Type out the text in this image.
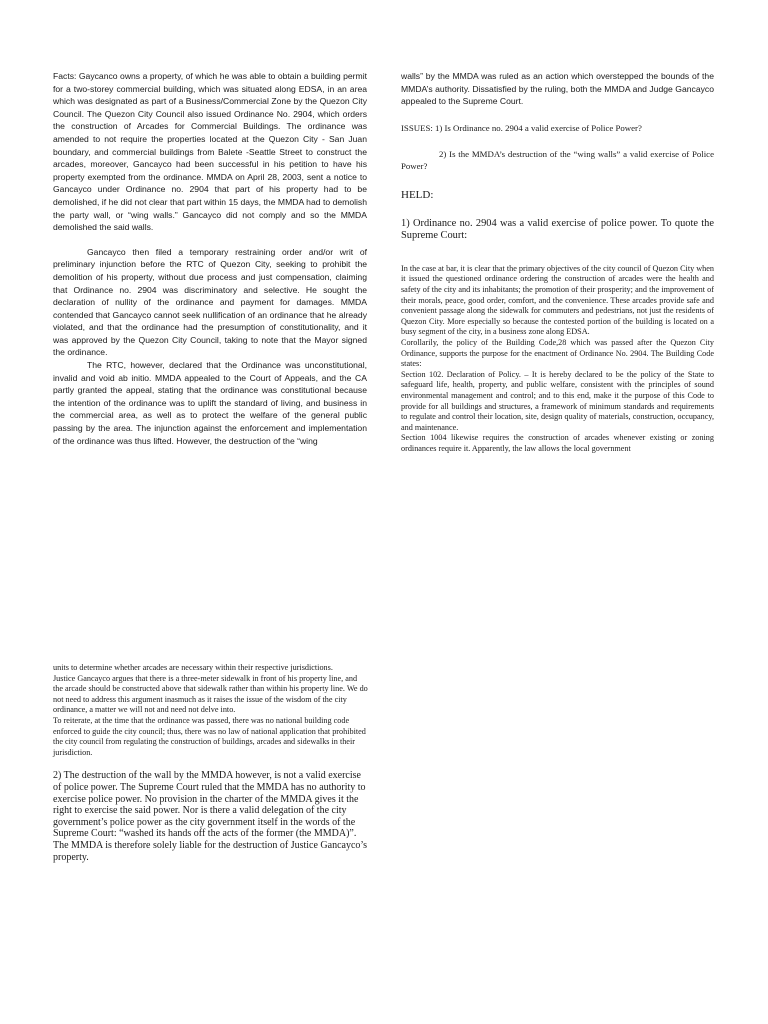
Facts: Gaycanco owns a property, of which he was able to obtain a building permit for a two-storey commercial building, which was situated along EDSA, in an area which was designated as part of a Business/Commercial Zone by the Quezon City Council. The Quezon City Council also issued Ordinance No. 2904, which orders the construction of Arcades for Commercial Buildings. The ordinance was amended to not require the properties located at the Quezon City - San Juan boundary, and commercial buildings from Balete -Seattle Street to construct the arcades, moreover, Gancayco had been successful in his petition to have his property exempted from the ordinance. MMDA on April 28, 2003, sent a notice to Gancayco under Ordinance no. 2904 that part of his property had to be demolished, if he did not clear that part within 15 days, the MMDA had to demolish the party wall, or “wing walls.” Gancayco did not comply and so the MMDA demolished the said walls.

Gancayco then filed a temporary restraining order and/or writ of preliminary injunction before the RTC of Quezon City, seeking to prohibit the demolition of his property, without due process and just compensation, claiming that Ordinance no. 2904 was discriminatory and selective. He sought the declaration of nullity of the ordinance and payment for damages. MMDA contended that Gancayco cannot seek nullification of an ordinance that he already violated, and that the ordinance had the presumption of constitutionality, and it was approved by the Quezon City Council, taking to note that the Mayor signed the ordinance.

The RTC, however, declared that the Ordinance was unconstitutional, invalid and void ab initio. MMDA appealed to the Court of Appeals, and the CA partly granted the appeal, stating that the ordinance was constitutional because the intention of the ordinance was to uplift the standard of living, and business in the commercial area, as well as to protect the welfare of the general public passing by the area. The injunction against the enforcement and implementation of the ordinance was thus lifted. However, the destruction of the “wing

walls” by the MMDA was ruled as an action which overstepped the bounds of the MMDA’s authority. Dissatisfied by the ruling, both the MMDA and Judge Gancayco appealed to the Supreme Court.

ISSUES: 1) Is Ordinance no. 2904 a valid exercise of Police Power?

2) Is the MMDA’s destruction of the “wing walls” a valid exercise of Police Power?

HELD:

1) Ordinance no. 2904 was a valid exercise of police power. To quote the Supreme Court:

In the case at bar, it is clear that the primary objectives of the city council of Quezon City when it issued the questioned ordinance ordering the construction of arcades were the health and safety of the city and its inhabitants; the promotion of their prosperity; and the improvement of their morals, peace, good order, comfort, and the convenience. These arcades provide safe and convenient passage along the sidewalk for commuters and pedestrians, not just the residents of Quezon City. More especially so because the contested portion of the building is located on a busy segment of the city, in a business zone along EDSA.

Corollarily, the policy of the Building Code,28 which was passed after the Quezon City Ordinance, supports the purpose for the enactment of Ordinance No. 2904. The Building Code states:

Section 102. Declaration of Policy. – It is hereby declared to be the policy of the State to safeguard life, health, property, and public welfare, consistent with the principles of sound environmental management and control; and to this end, make it the purpose of this Code to provide for all buildings and structures, a framework of minimum standards and requirements to regulate and control their location, site, design quality of materials, construction, occupancy, and maintenance.

Section 1004 likewise requires the construction of arcades whenever existing or zoning ordinances require it. Apparently, the law allows the local government

units to determine whether arcades are necessary within their respective jurisdictions.

Justice Gancayco argues that there is a three-meter sidewalk in front of his property line, and the arcade should be constructed above that sidewalk rather than within his property line. We do not need to address this argument inasmuch as it raises the issue of the wisdom of the city ordinance, a matter we will not and need not delve into.

To reiterate, at the time that the ordinance was passed, there was no national building code enforced to guide the city council; thus, there was no law of national application that prohibited the city council from regulating the construction of buildings, arcades and sidewalks in their jurisdiction.

2) The destruction of the wall by the MMDA however, is not a valid exercise of police power. The Supreme Court ruled that the MMDA has no authority to exercise police power. No provision in the charter of the MMDA gives it the right to exercise the said power. Nor is there a valid delegation of the city government’s police power as the city government itself in the words of the Supreme Court: “washed its hands off the acts of the former (the MMDA)”. The MMDA is therefore solely liable for the destruction of Justice Gancayco’s property.
